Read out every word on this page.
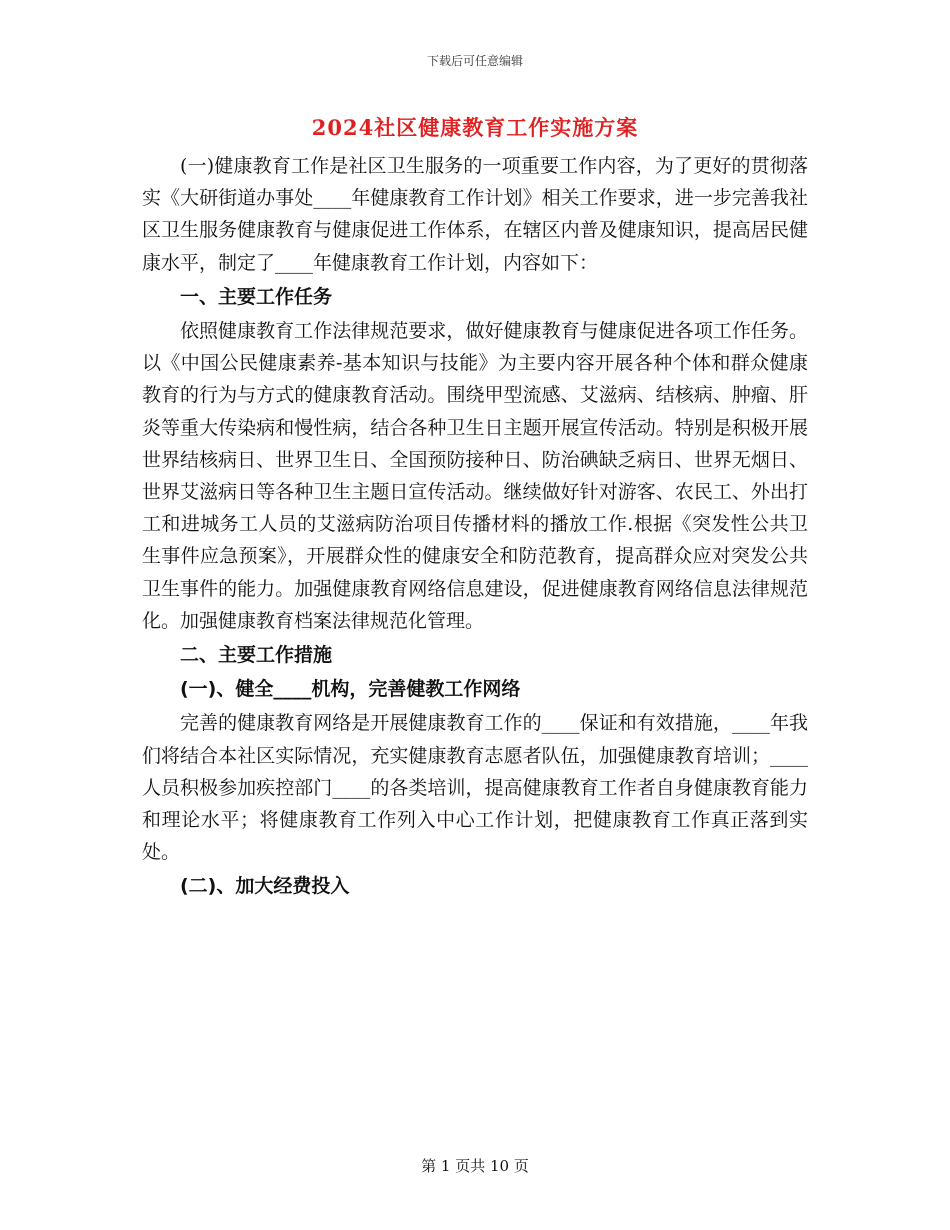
下载后可任意编辑
2024社区健康教育工作实施方案

(一)健康教育工作是社区卫生服务的一项重要工作内容，为了更好的贯彻落实《大研街道办事处____年健康教育工作计划》相关工作要求，进一步完善我社区卫生服务健康教育与健康促进工作体系，在辖区内普及健康知识，提高居民健康水平，制定了____年健康教育工作计划，内容如下：

一、主要工作任务

依照健康教育工作法律规范要求，做好健康教育与健康促进各项工作任务。以《中国公民健康素养-基本知识与技能》为主要内容开展各种个体和群众健康教育的行为与方式的健康教育活动。围绕甲型流感、艾滋病、结核病、肿瘤、肝炎等重大传染病和慢性病，结合各种卫生日主题开展宣传活动。特别是积极开展世界结核病日、世界卫生日、全国预防接种日、防治碘缺乏病日、世界无烟日、世界艾滋病日等各种卫生主题日宣传活动。继续做好针对游客、农民工、外出打工和进城务工人员的艾滋病防治项目传播材料的播放工作.根据《突发性公共卫生事件应急预案》，开展群众性的健康安全和防范教育，提高群众应对突发公共卫生事件的能力。加强健康教育网络信息建设，促进健康教育网络信息法律规范化。加强健康教育档案法律规范化管理。

二、主要工作措施

(一)、健全____机构，完善健教工作网络

完善的健康教育网络是开展健康教育工作的____保证和有效措施，____年我们将结合本社区实际情况，充实健康教育志愿者队伍，加强健康教育培训；____人员积极参加疾控部门____的各类培训，提高健康教育工作者自身健康教育能力和理论水平；将健康教育工作列入中心工作计划，把健康教育工作真正落到实处。

(二)、加大经费投入

第 1 页共 10 页
